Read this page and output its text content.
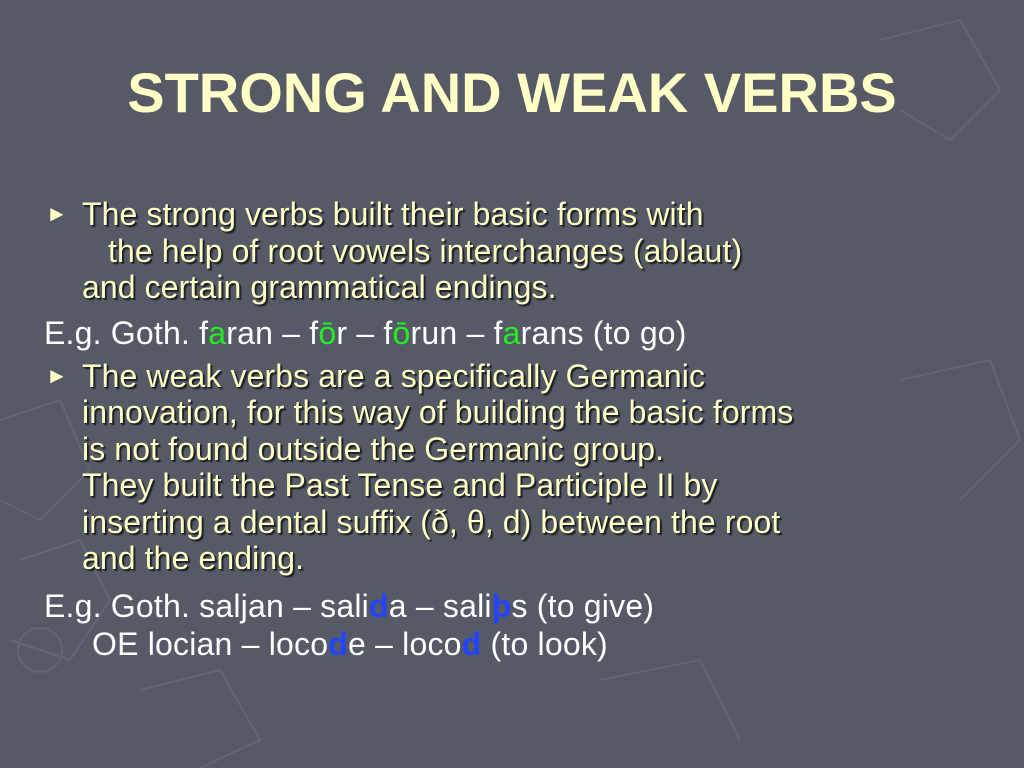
STRONG AND WEAK VERBS
► The strong verbs built their basic forms with
the help of root vowels interchanges (ablaut)
and certain grammatical endings.
E.g. Goth. faran – fōr – fōrun – farans (to go)
► The weak verbs are a specifically Germanic
innovation, for this way of building the basic forms
is not found outside the Germanic group.
They built the Past Tense and Participle II by
inserting a dental suffix (ð, θ, d) between the root
and the ending.
E.g. Goth. saljan – salida – saliþs (to give)
OE locian – locode – locod (to look)
